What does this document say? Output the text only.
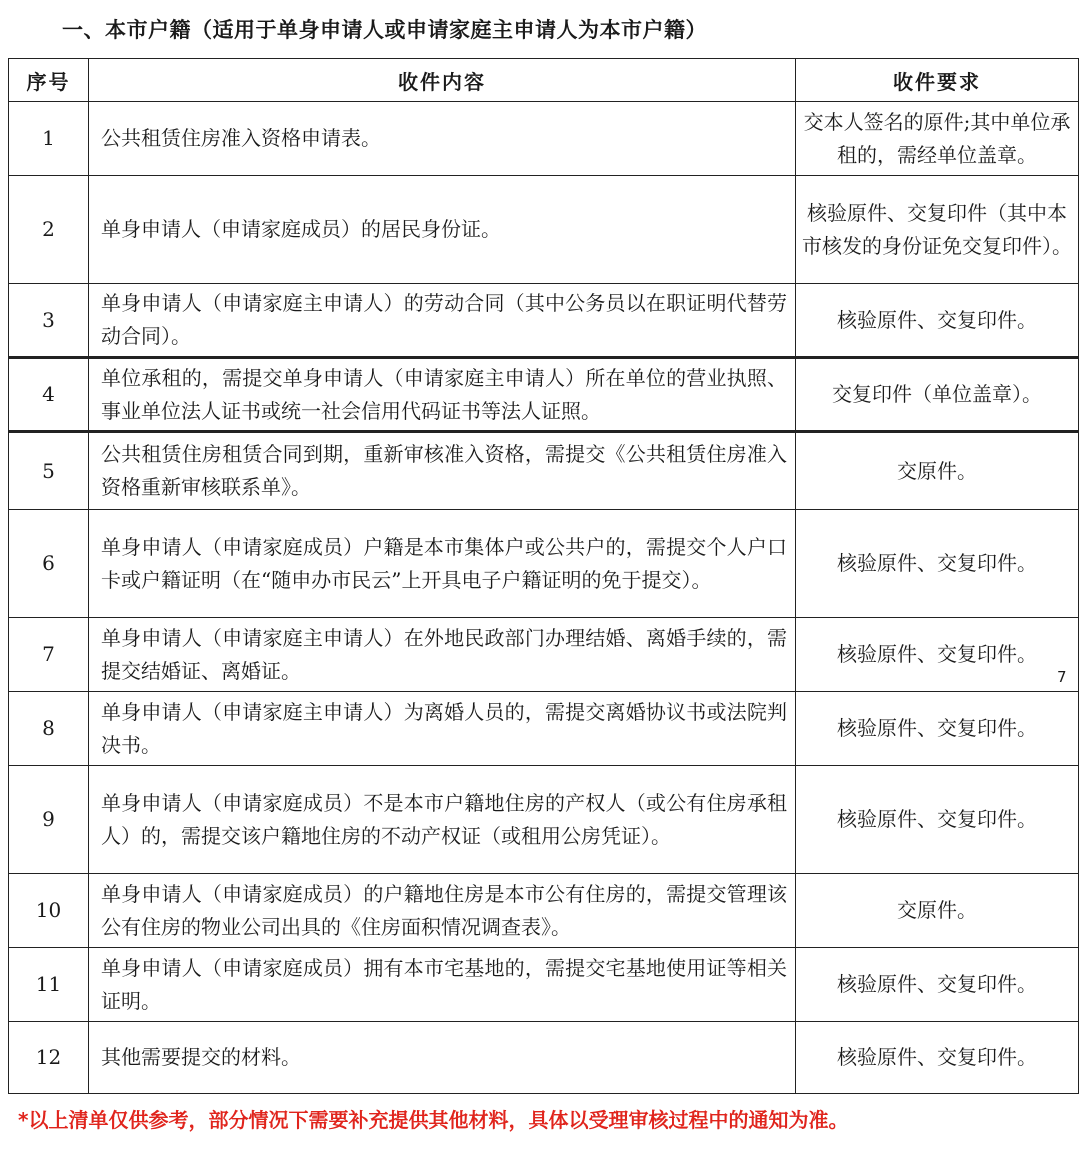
一、本市户籍（适用于单身申请人或申请家庭主申请人为本市户籍）
序号	收件内容	收件要求
1	公共租赁住房准入资格申请表。	交本人签名的原件;其中单位承租的，需经单位盖章。
2	单身申请人（申请家庭成员）的居民身份证。	核验原件、交复印件（其中本市核发的身份证免交复印件）。
3	单身申请人（申请家庭主申请人）的劳动合同（其中公务员以在职证明代替劳动合同）。	核验原件、交复印件。
4	单位承租的，需提交单身申请人（申请家庭主申请人）所在单位的营业执照、事业单位法人证书或统一社会信用代码证书等法人证照。	交复印件（单位盖章）。
5	公共租赁住房租赁合同到期，重新审核准入资格，需提交《公共租赁住房准入资格重新审核联系单》。	交原件。
6	单身申请人（申请家庭成员）户籍是本市集体户或公共户的，需提交个人户口卡或户籍证明（在“随申办市民云”上开具电子户籍证明的免于提交）。	核验原件、交复印件。
7	单身申请人（申请家庭主申请人）在外地民政部门办理结婚、离婚手续的，需提交结婚证、离婚证。	核验原件、交复印件。
8	单身申请人（申请家庭主申请人）为离婚人员的，需提交离婚协议书或法院判决书。	核验原件、交复印件。
9	单身申请人（申请家庭成员）不是本市户籍地住房的产权人（或公有住房承租人）的，需提交该户籍地住房的不动产权证（或租用公房凭证）。	核验原件、交复印件。
10	单身申请人（申请家庭成员）的户籍地住房是本市公有住房的，需提交管理该公有住房的物业公司出具的《住房面积情况调查表》。	交原件。
11	单身申请人（申请家庭成员）拥有本市宅基地的，需提交宅基地使用证等相关证明。	核验原件、交复印件。
12	其他需要提交的材料。	核验原件、交复印件。
7
*以上清单仅供参考，部分情况下需要补充提供其他材料，具体以受理审核过程中的通知为准。
